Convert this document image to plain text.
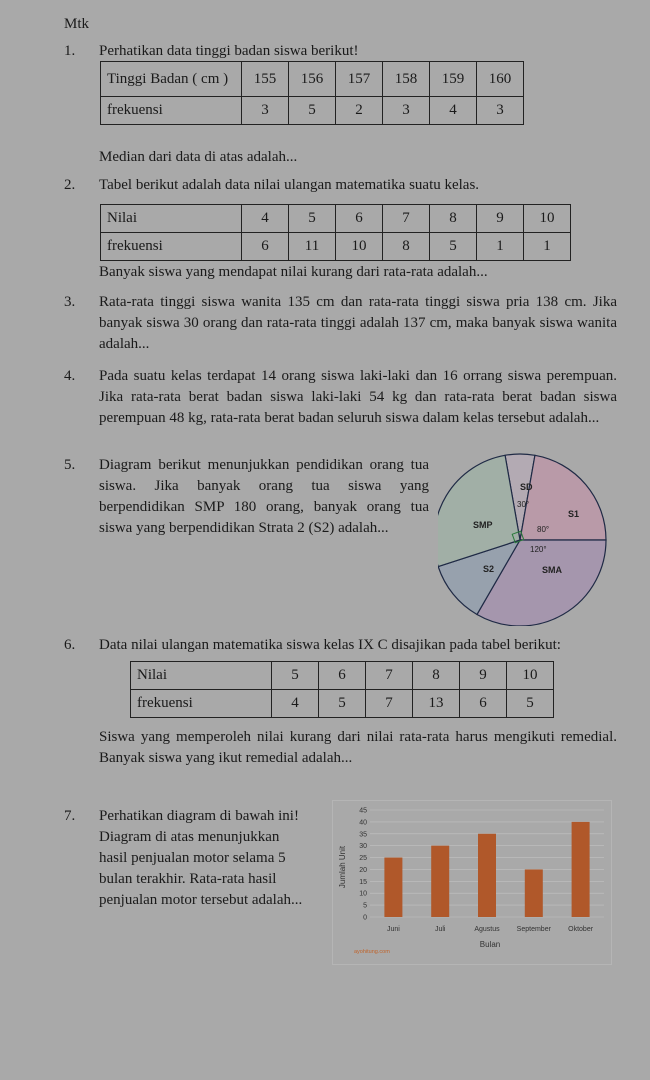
Mtk
1. Perhatikan data tinggi badan siswa berikut!
Tinggi Badan ( cm )	155	156	157	158	159	160
frekuensi	3	5	2	3	4	3
Median dari data di atas adalah...
2. Tabel berikut adalah data nilai ulangan matematika suatu kelas.
Nilai	4	5	6	7	8	9	10
frekuensi	6	11	10	8	5	1	1
Banyak siswa yang mendapat nilai kurang dari rata-rata adalah...
3. Rata-rata tinggi siswa wanita 135 cm dan rata-rata tinggi siswa pria 138 cm. Jika banyak siswa 30 orang dan rata-rata tinggi adalah 137 cm, maka banyak siswa wanita adalah...
4. Pada suatu kelas terdapat 14 orang siswa laki-laki dan 16 orrang siswa perempuan. Jika rata-rata berat badan siswa laki-laki 54 kg dan rata-rata berat badan siswa perempuan 48 kg, rata-rata berat badan seluruh siswa dalam kelas tersebut adalah...
5. Diagram berikut menunjukkan pendidikan orang tua siswa. Jika banyak orang tua siswa yang berpendidikan SMP 180 orang, banyak orang tua siswa yang berpendidikan Strata 2 (S2) adalah...
SD
30°
S1
80°
SMP
120°
SMA
S2
6. Data nilai ulangan matematika siswa kelas IX C disajikan pada tabel berikut:
Nilai	5	6	7	8	9	10
frekuensi	4	5	7	13	6	5
Siswa yang memperoleh nilai kurang dari nilai rata-rata harus mengikuti remedial. Banyak siswa yang ikut remedial adalah...
7. Perhatikan diagram di bawah ini!
Diagram di atas menunjukkan
hasil penjualan motor selama 5
bulan terakhir. Rata-rata hasil
penjualan motor tersebut adalah...
0
5
10
15
20
25
30
35
40
45
Juni	Juli	Agustus September Oktober
Jumlah Unit
Bulan
ayohitung.com
